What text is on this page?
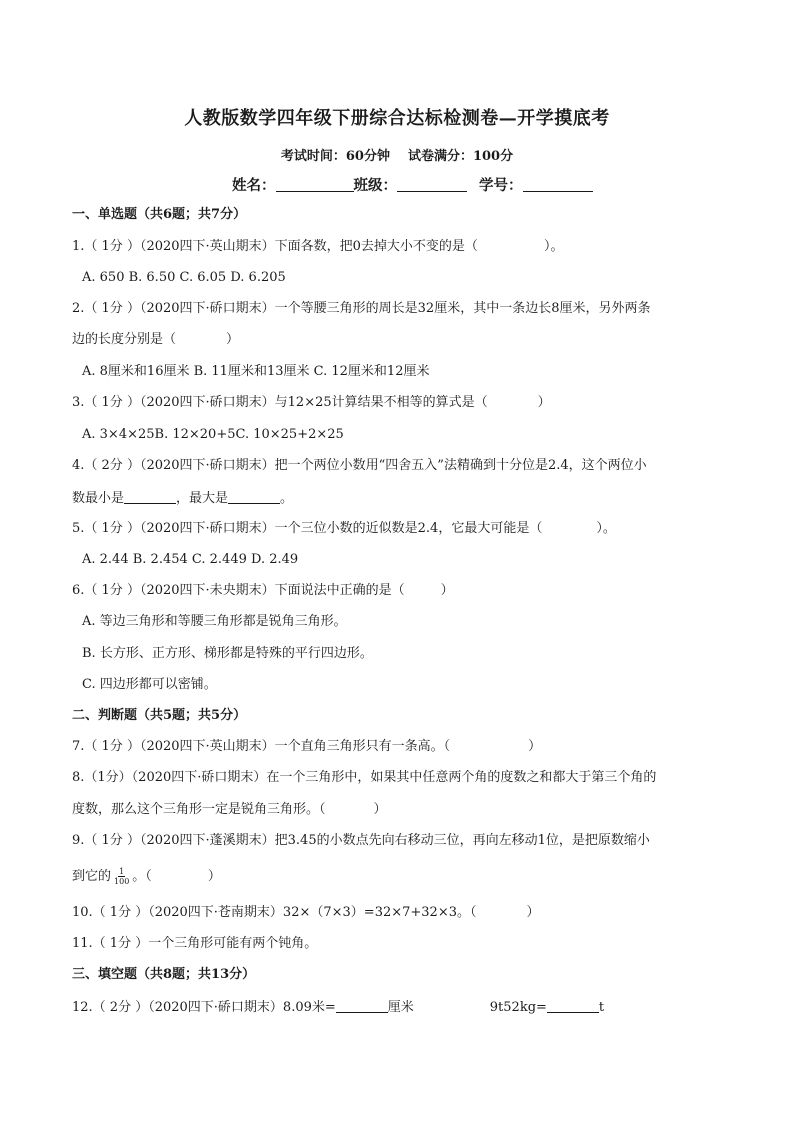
人教版数学四年级下册综合达标检测卷—开学摸底考
考试时间：60分钟 试卷满分：100分
姓名：	班级：	学号：
一、单选题（共6题；共7分）
1.（ 1分 ）（2020四下·英山期末）下面各数，把0去掉大小不变的是（	）。
A. 650 B. 6.50 C. 6.05 D. 6.205
2.（ 1分 ）（2020四下·硚口期末）一个等腰三角形的周长是32厘米，其中一条边长8厘米，另外两条
边的长度分别是（	）
A. 8厘米和16厘米 B. 11厘米和13厘米 C. 12厘米和12厘米
3.（ 1分 ）（2020四下·硚口期末）与12×25计算结果不相等的算式是（	）
A. 3×4×25B. 12×20+5C. 10×25+2×25
4.（ 2分 ）（2020四下·硚口期末）把一个两位小数用“四舍五入”法精确到十分位是2.4，这个两位小
数最小是	，最大是	。
5.（ 1分 ）（2020四下·硚口期末）一个三位小数的近似数是2.4，它最大可能是（	）。
A. 2.44 B. 2.454 C. 2.449 D. 2.49
6.（ 1分 ）（2020四下·未央期末）下面说法中正确的是（	）
A. 等边三角形和等腰三角形都是锐角三角形。
B. 长方形、正方形、梯形都是特殊的平行四边形。
C. 四边形都可以密铺。
二、判断题（共5题；共5分）
7.（ 1分 ）（2020四下·英山期末）一个直角三角形只有一条高。（	）
8.（1分）（2020四下·硚口期末）在一个三角形中，如果其中任意两个角的度数之和都大于第三个角的
度数，那么这个三角形一定是锐角三角形。（	）
9.（ 1分 ）（2020四下·蓬溪期末）把3.45的小数点先向右移动三位，再向左移动1位，是把原数缩小
到它的 $\frac{1}{100}$ 。（	）
10.（ 1分 ）（2020四下·苍南期末）32×（7×3）=32×7+32×3。（	）
11.（ 1分 ）一个三角形可能有两个钝角。
三、填空题（共8题；共13分）
12.（ 2分 ）（2020四下·硚口期末）8.09米=	厘米	9t52kg=	t
